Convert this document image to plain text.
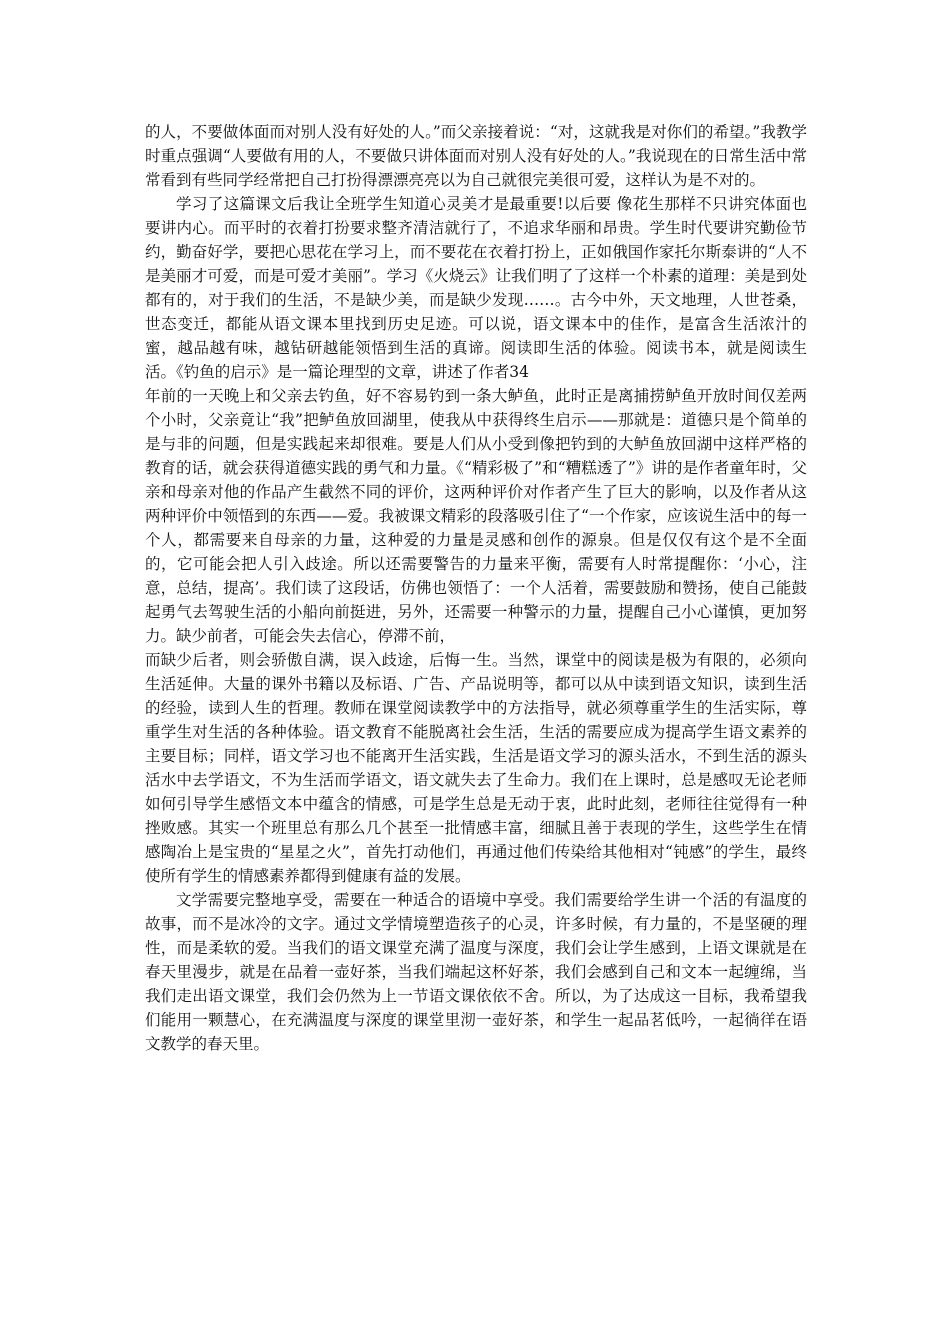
的人，不要做体面而对别人没有好处的人。”而父亲接着说：“对，这就我是对你们的希望。”我教学时重点强调“人要做有用的人，不要做只讲体面而对别人没有好处的人。”我说现在的日常生活中常常看到有些同学经常把自己打扮得漂漂亮亮以为自己就很完美很可爱，这样认为是不对的。

学习了这篇课文后我让全班学生知道心灵美才是最重要!以后要 像花生那样不只讲究体面也要讲内心。而平时的衣着打扮要求整齐清洁就行了，不追求华丽和昂贵。学生时代要讲究勤俭节约，勤奋好学，要把心思花在学习上，而不要花在衣着打扮上，正如俄国作家托尔斯泰讲的“人不是美丽才可爱，而是可爱才美丽”。学习《火烧云》让我们明了了这样一个朴素的道理：美是到处都有的，对于我们的生活，不是缺少美，而是缺少发现……。古今中外，天文地理，人世苍桑，世态变迁，都能从语文课本里找到历史足迹。可以说，语文课本中的佳作，是富含生活浓汁的蜜，越品越有味，越钻研越能领悟到生活的真谛。阅读即生活的体验。阅读书本，就是阅读生活。《钓鱼的启示》是一篇论理型的文章，讲述了作者34

年前的一天晚上和父亲去钓鱼，好不容易钓到一条大鲈鱼，此时正是离捕捞鲈鱼开放时间仅差两个小时，父亲竟让“我”把鲈鱼放回湖里，使我从中获得终生启示——那就是：道德只是个简单的是与非的问题，但是实践起来却很难。要是人们从小受到像把钓到的大鲈鱼放回湖中这样严格的教育的话，就会获得道德实践的勇气和力量。《“精彩极了”和“糟糕透了”》讲的是作者童年时，父亲和母亲对他的作品产生截然不同的评价，这两种评价对作者产生了巨大的影响，以及作者从这两种评价中领悟到的东西——爱。我被课文精彩的段落吸引住了“一个作家，应该说生活中的每一个人，都需要来自母亲的力量，这种爱的力量是灵感和创作的源泉。但是仅仅有这个是不全面的，它可能会把人引入歧途。所以还需要警告的力量来平衡，需要有人时常提醒你：‘小心，注意，总结，提高’。我们读了这段话，仿佛也领悟了：一个人活着，需要鼓励和赞扬，使自己能鼓起勇气去驾驶生活的小船向前挺进，另外，还需要一种警示的力量，提醒自己小心谨慎，更加努力。缺少前者，可能会失去信心，停滞不前，

而缺少后者，则会骄傲自满，误入歧途，后悔一生。当然，课堂中的阅读是极为有限的，必须向生活延伸。大量的课外书籍以及标语、广告、产品说明等，都可以从中读到语文知识，读到生活的经验，读到人生的哲理。教师在课堂阅读教学中的方法指导，就必须尊重学生的生活实际，尊重学生对生活的各种体验。语文教育不能脱离社会生活，生活的需要应成为提高学生语文素养的主要目标；同样，语文学习也不能离开生活实践，生活是语文学习的源头活水，不到生活的源头活水中去学语文，不为生活而学语文，语文就失去了生命力。我们在上课时，总是感叹无论老师如何引导学生感悟文本中蕴含的情感，可是学生总是无动于衷，此时此刻，老师往往觉得有一种挫败感。其实一个班里总有那么几个甚至一批情感丰富，细腻且善于表现的学生，这些学生在情感陶冶上是宝贵的“星星之火”，首先打动他们，再通过他们传染给其他相对“钝感”的学生，最终使所有学生的情感素养都得到健康有益的发展。

文学需要完整地享受，需要在一种适合的语境中享受。我们需要给学生讲一个活的有温度的故事，而不是冰冷的文字。通过文学情境塑造孩子的心灵，许多时候，有力量的，不是坚硬的理性，而是柔软的爱。当我们的语文课堂充满了温度与深度，我们会让学生感到，上语文课就是在春天里漫步，就是在品着一壶好茶，当我们端起这杯好茶，我们会感到自己和文本一起缠绵，当我们走出语文课堂，我们会仍然为上一节语文课依依不舍。所以，为了达成这一目标，我希望我们能用一颗慧心，在充满温度与深度的课堂里沏一壶好茶，和学生一起品茗低吟，一起徜徉在语文教学的春天里。
